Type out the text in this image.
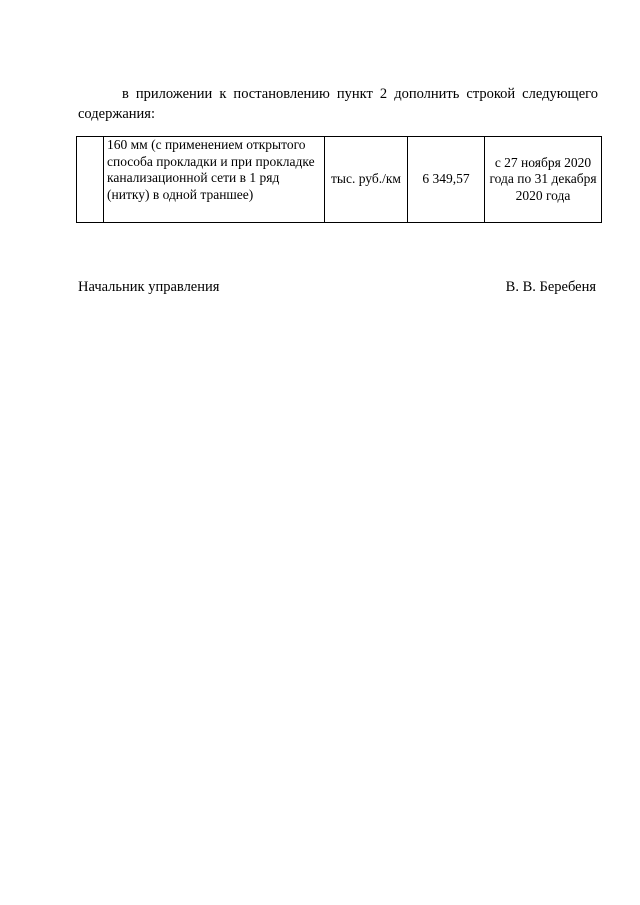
в приложении к постановлению пункт 2 дополнить строкой следующего содержания:

	160 мм (с применением открытого способа прокладки и при прокладке канализационной сети в 1 ряд (нитку) в одной траншее)	тыс. руб./км	6 349,57	с 27 ноября 2020 года по 31 декабря 2020 года
Начальник управления	В. В. Беребеня
